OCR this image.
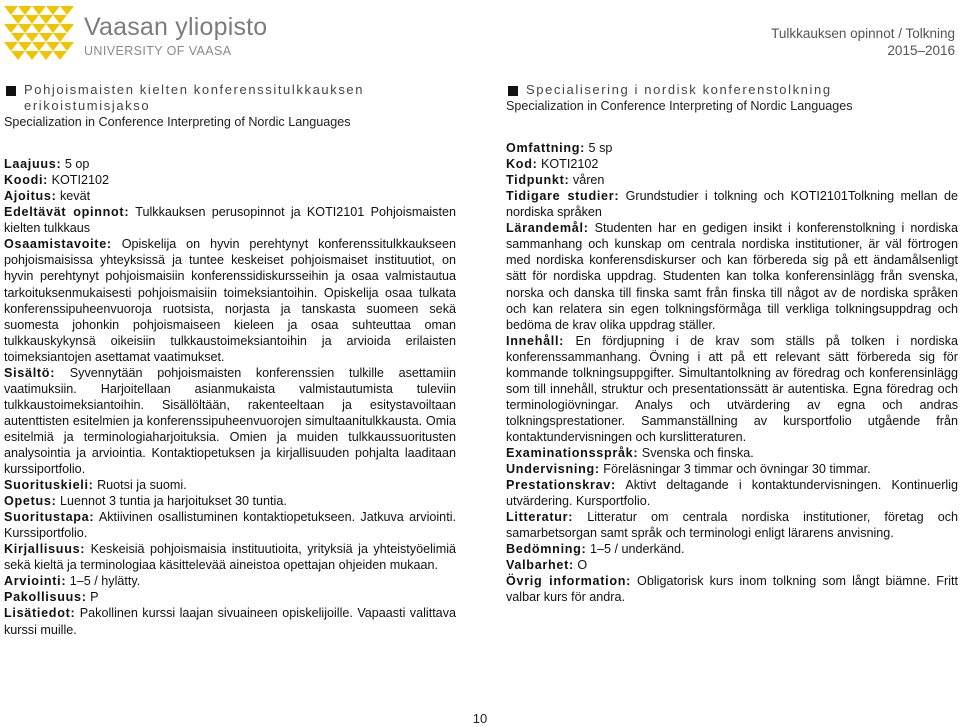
Vaasan yliopisto
UNIVERSITY OF VAASA
Tulkkauksen opinnot / Tolkning
2015–2016
Pohjoismaisten kielten konferenssitulkkauksen erikoistumisjakso
Specialization in Conference Interpreting of Nordic Languages
Laajuus: 5 op
Koodi: KOTI2102
Ajoitus: kevät
Edeltävät opinnot: Tulkkauksen perusopinnot ja KOTI2101 Pohjoismaisten kielten tulkkaus
Osaamistavoite: Opiskelija on hyvin perehtynyt konferenssitulkkaukseen pohjoismaisissa yhteyksissä ja tuntee keskeiset pohjoismaiset instituutiot, on hyvin perehtynyt pohjoismaisiin konferenssidiskursseihin ja osaa valmistautua tarkoituksenmukaisesti pohjoismaisiin toimeksiantoihin. Opiskelija osaa tulkata konferenssipuheenvuoroja ruotsista, norjasta ja tanskasta suomeen sekä suomesta johonkin pohjoismaiseen kieleen ja osaa suhteuttaa oman tulkkauskykynsä oikeisiin tulkkaustoimeksiantoihin ja arvioida erilaisten toimeksiantojen asettamat vaatimukset.
Sisältö: Syvennytään pohjoismaisten konferenssien tulkille asettamiin vaatimuksiin. Harjoitellaan asianmukaista valmistautumista tuleviin tulkkaustoimeksiantoihin. Sisällöltään, rakenteeltaan ja esitystavoiltaan autenttisten esitelmien ja konferenssipuheenvuorojen simultaanitulkkausta. Omia esitelmiä ja terminologiaharjoituksia. Omien ja muiden tulkkaussuoritusten analysointia ja arviointia. Kontaktiopetuksen ja kirjallisuuden pohjalta laaditaan kurssiportfolio.
Suorituskieli: Ruotsi ja suomi.
Opetus: Luennot 3 tuntia ja harjoitukset 30 tuntia.
Suoritustapa: Aktiivinen osallistuminen kontaktiopetukseen. Jatkuva arviointi. Kurssiportfolio.
Kirjallisuus: Keskeisiä pohjoismaisia instituutioita, yrityksiä ja yhteistyöelimiä sekä kieltä ja terminologiaa käsittelevää aineistoa opettajan ohjeiden mukaan.
Arviointi: 1–5 / hylätty.
Pakollisuus: P
Lisätiedot: Pakollinen kurssi laajan sivuaineen opiskelijoille. Vapaasti valittava kurssi muille.
Specialisering i nordisk konferenstolkning
Specialization in Conference Interpreting of Nordic Languages
Omfattning: 5 sp
Kod: KOTI2102
Tidpunkt: våren
Tidigare studier: Grundstudier i tolkning och KOTI2101Tolkning mellan de nordiska språken
Lärandemål: Studenten har en gedigen insikt i konferenstolkning i nordiska sammanhang och kunskap om centrala nordiska institutioner, är väl förtrogen med nordiska konferensdiskurser och kan förbereda sig på ett ändamålsenligt sätt för nordiska uppdrag. Studenten kan tolka konferensinlägg från svenska, norska och danska till finska samt från finska till något av de nordiska språken och kan relatera sin egen tolkningsförmåga till verkliga tolkningsuppdrag och bedöma de krav olika uppdrag ställer.
Innehåll: En fördjupning i de krav som ställs på tolken i nordiska konferenssammanhang. Övning i att på ett relevant sätt förbereda sig för kommande tolkningsuppgifter. Simultantolkning av föredrag och konferensinlägg som till innehåll, struktur och presentationssätt är autentiska. Egna föredrag och terminologiövningar. Analys och utvärdering av egna och andras tolkningsprestationer. Sammanställning av kursportfolio utgående från kontaktundervisningen och kurslitteraturen.
Examinationsspråk: Svenska och finska.
Undervisning: Föreläsningar 3 timmar och övningar 30 timmar.
Prestationskrav: Aktivt deltagande i kontaktundervisningen. Kontinuerlig utvärdering. Kursportfolio.
Litteratur: Litteratur om centrala nordiska institutioner, företag och samarbetsorgan samt språk och terminologi enligt lärarens anvisning.
Bedömning: 1–5 / underkänd.
Valbarhet: O
Övrig information: Obligatorisk kurs inom tolkning som långt biämne. Fritt valbar kurs för andra.
10
